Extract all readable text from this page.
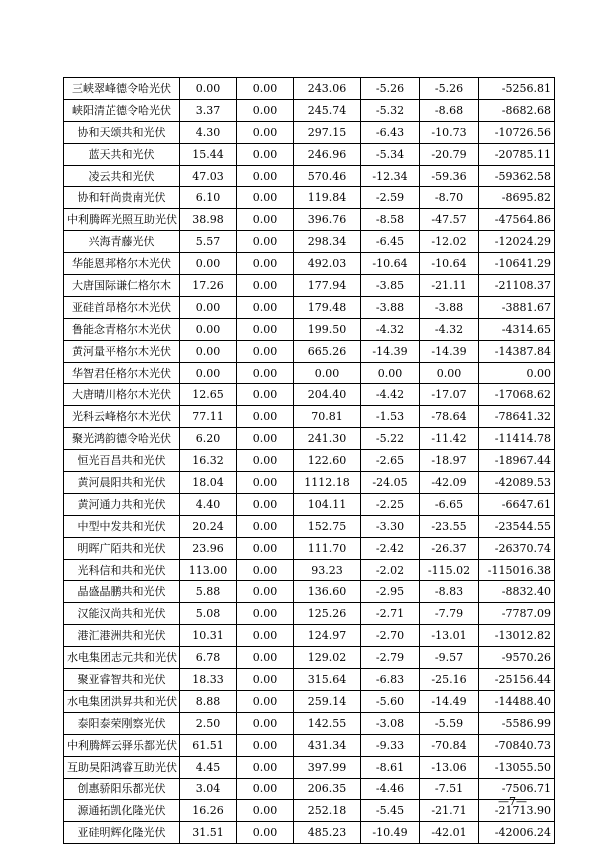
三峡翠峰德令哈光伏	0.00	0.00	243.06	-5.26	-5.26	-5256.81
峡阳清芷德令哈光伏	3.37	0.00	245.74	-5.32	-8.68	-8682.68
协和天颂共和光伏	4.30	0.00	297.15	-6.43	-10.73	-10726.56
蓝天共和光伏	15.44	0.00	246.96	-5.34	-20.79	-20785.11
凌云共和光伏	47.03	0.00	570.46	-12.34	-59.36	-59362.58
协和轩尚贵南光伏	6.10	0.00	119.84	-2.59	-8.70	-8695.82
中利腾晖光照互助光伏	38.98	0.00	396.76	-8.58	-47.57	-47564.86
兴海青藤光伏	5.57	0.00	298.34	-6.45	-12.02	-12024.29
华能恩邦格尔木光伏	0.00	0.00	492.03	-10.64	-10.64	-10641.29
大唐国际谦仁格尔木	17.26	0.00	177.94	-3.85	-21.11	-21108.37
亚硅首昂格尔木光伏	0.00	0.00	179.48	-3.88	-3.88	-3881.67
鲁能念青格尔木光伏	0.00	0.00	199.50	-4.32	-4.32	-4314.65
黄河量平格尔木光伏	0.00	0.00	665.26	-14.39	-14.39	-14387.84
华智君任格尔木光伏	0.00	0.00	0.00	0.00	0.00	0.00
大唐晴川格尔木光伏	12.65	0.00	204.40	-4.42	-17.07	-17068.62
光科云峰格尔木光伏	77.11	0.00	70.81	-1.53	-78.64	-78641.32
聚光鸿韵德令哈光伏	6.20	0.00	241.30	-5.22	-11.42	-11414.78
恒光百昌共和光伏	16.32	0.00	122.60	-2.65	-18.97	-18967.44
黄河晨阳共和光伏	18.04	0.00	1112.18	-24.05	-42.09	-42089.53
黄河通力共和光伏	4.40	0.00	104.11	-2.25	-6.65	-6647.61
中型中发共和光伏	20.24	0.00	152.75	-3.30	-23.55	-23544.55
明晖广陌共和光伏	23.96	0.00	111.70	-2.42	-26.37	-26370.74
光科信和共和光伏	113.00	0.00	93.23	-2.02	-115.02	-115016.38
晶盛晶鹏共和光伏	5.88	0.00	136.60	-2.95	-8.83	-8832.40
汉能汉尚共和光伏	5.08	0.00	125.26	-2.71	-7.79	-7787.09
港汇港洲共和光伏	10.31	0.00	124.97	-2.70	-13.01	-13012.82
水电集团志元共和光伏	6.78	0.00	129.02	-2.79	-9.57	-9570.26
聚亚睿智共和光伏	18.33	0.00	315.64	-6.83	-25.16	-25156.44
水电集团洪昇共和光伏	8.88	0.00	259.14	-5.60	-14.49	-14488.40
泰阳泰荣刚察光伏	2.50	0.00	142.55	-3.08	-5.59	-5586.99
中利腾辉云驿乐都光伏	61.51	0.00	431.34	-9.33	-70.84	-70840.73
互助昊阳鸿睿互助光伏	4.45	0.00	397.99	-8.61	-13.06	-13055.50
创惠骄阳乐都光伏	3.04	0.00	206.35	-4.46	-7.51	-7506.71
源通拓凯化隆光伏	16.26	0.00	252.18	-5.45	-21.71	-21713.90
亚硅明辉化隆光伏	31.51	0.00	485.23	-10.49	-42.01	-42006.24
—7—
